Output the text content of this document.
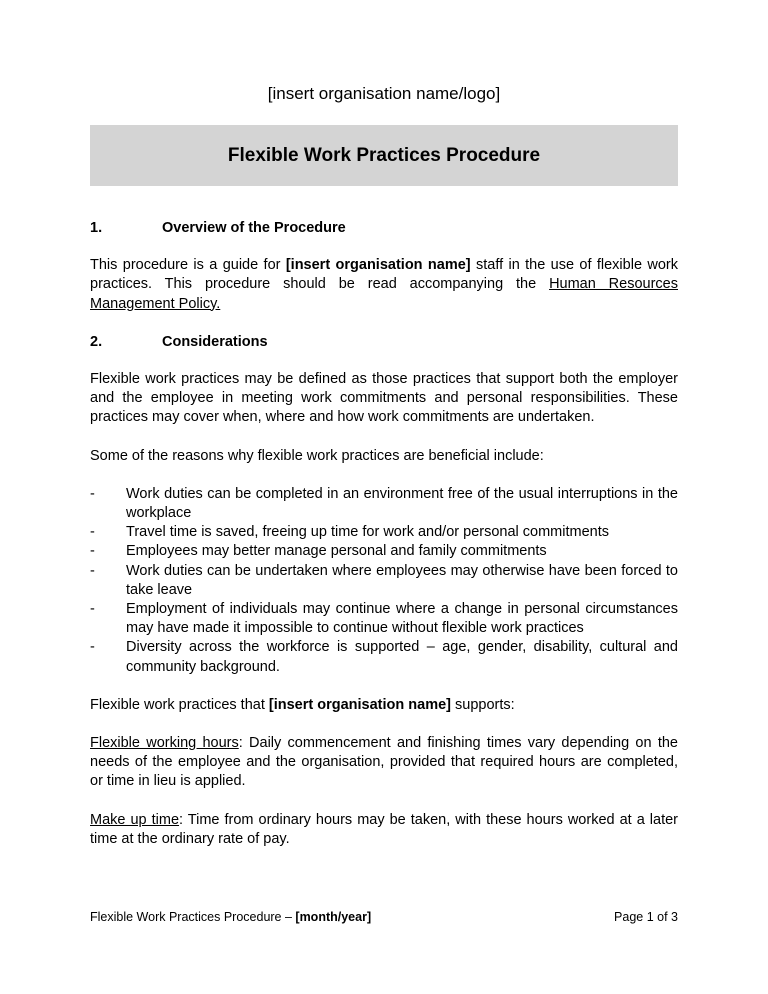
[insert organisation name/logo]
Flexible Work Practices Procedure
1.	Overview of the Procedure

This procedure is a guide for [insert organisation name] staff in the use of flexible work practices. This procedure should be read accompanying the Human Resources Management Policy.

2.	Considerations

Flexible work practices may be defined as those practices that support both the employer and the employee in meeting work commitments and personal responsibilities. These practices may cover when, where and how work commitments are undertaken.

Some of the reasons why flexible work practices are beneficial include:

-	Work duties can be completed in an environment free of the usual interruptions in the workplace
-	Travel time is saved, freeing up time for work and/or personal commitments
-	Employees may better manage personal and family commitments
-	Work duties can be undertaken where employees may otherwise have been forced to take leave
-	Employment of individuals may continue where a change in personal circumstances may have made it impossible to continue without flexible work practices
-	Diversity across the workforce is supported – age, gender, disability, cultural and community background.

Flexible work practices that [insert organisation name] supports:

Flexible working hours: Daily commencement and finishing times vary depending on the needs of the employee and the organisation, provided that required hours are completed, or time in lieu is applied.

Make up time: Time from ordinary hours may be taken, with these hours worked at a later time at the ordinary rate of pay.

Flexible Work Practices Procedure – [month/year]	Page 1 of 3
